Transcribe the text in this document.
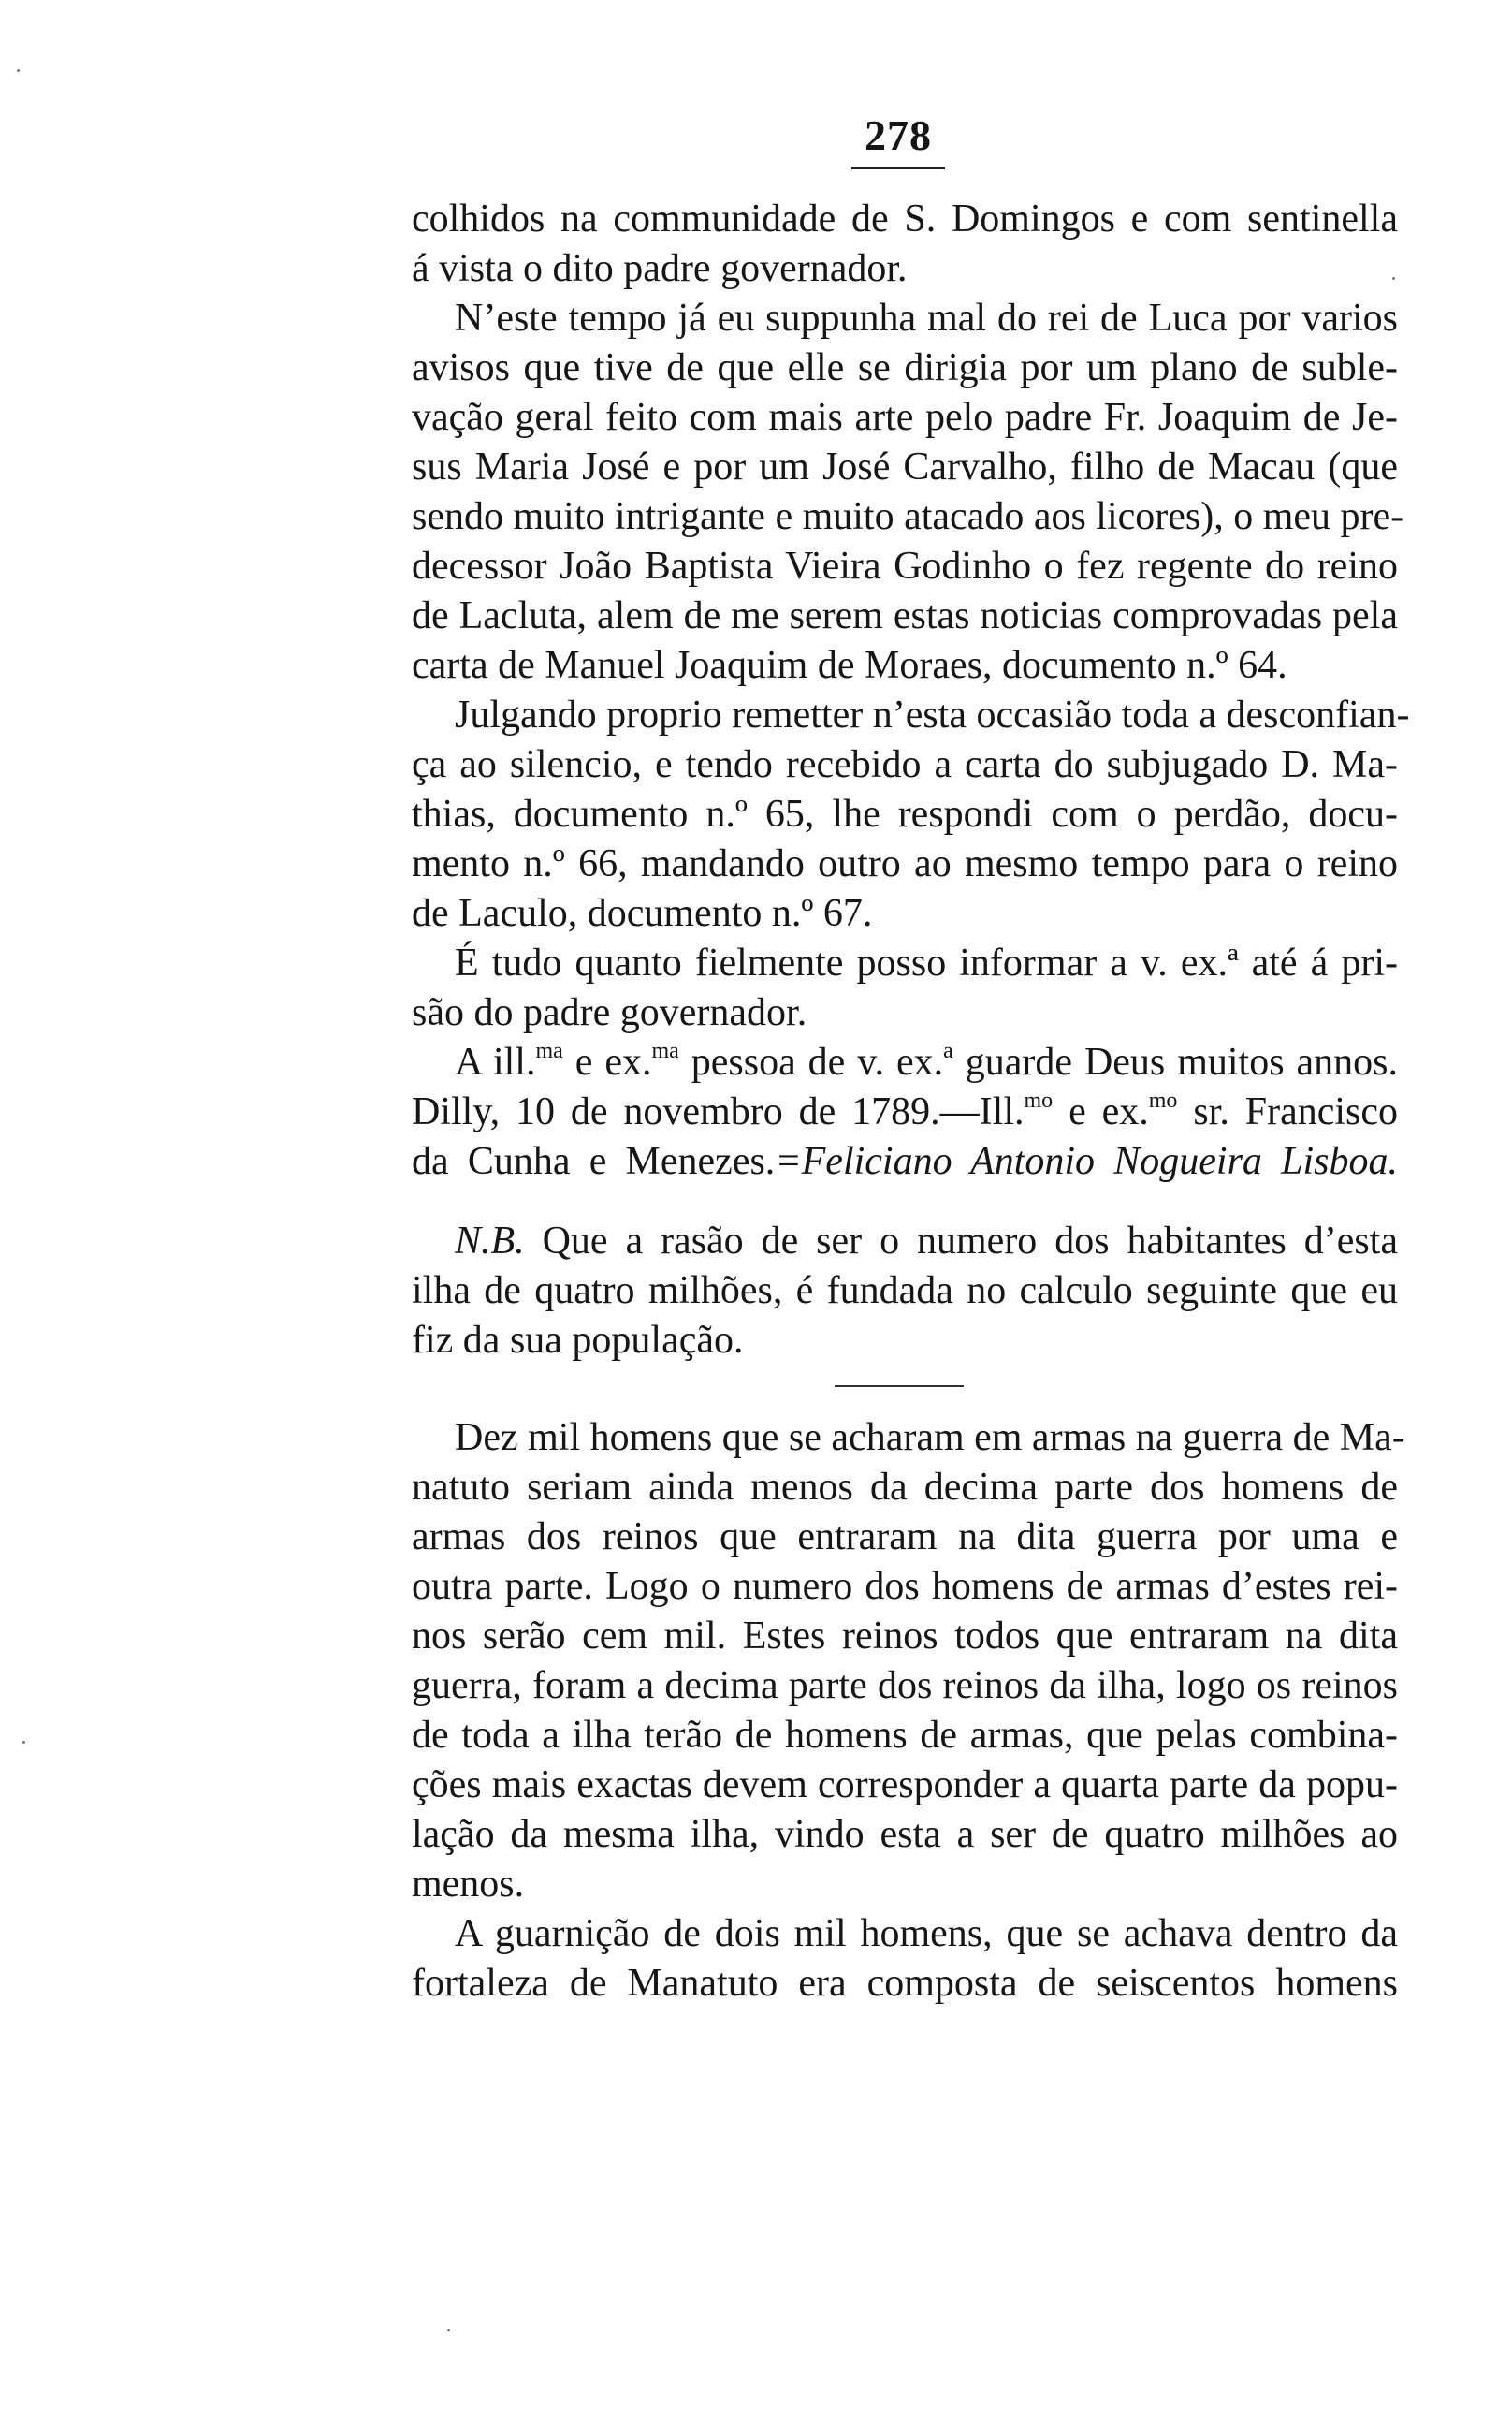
278
colhidos na communidade de S. Domingos e com sentinella
á vista o dito padre governador.
N’este tempo já eu suppunha mal do rei de Luca por varios
avisos que tive de que elle se dirigia por um plano de suble-
vação geral feito com mais arte pelo padre Fr. Joaquim de Je-
sus Maria José e por um José Carvalho, filho de Macau (que
sendo muito intrigante e muito atacado aos licores), o meu pre-
decessor João Baptista Vieira Godinho o fez regente do reino
de Lacluta, alem de me serem estas noticias comprovadas pela
carta de Manuel Joaquim de Moraes, documento n.º 64.
Julgando proprio remetter n’esta occasião toda a desconfian-
ça ao silencio, e tendo recebido a carta do subjugado D. Ma-
thias, documento n.º 65, lhe respondi com o perdão, docu-
mento n.º 66, mandando outro ao mesmo tempo para o reino
de Laculo, documento n.º 67.
É tudo quanto fielmente posso informar a v. ex.ª até á pri-
são do padre governador.
A ill.$^{ma}$ e ex.$^{ma}$ pessoa de v. ex.$^a$ guarde Deus muitos annos.
Dilly, 10 de novembro de 1789.—Ill.$^{mo}$ e ex.$^{mo}$ sr. Francisco
da Cunha e Menezes.=Feliciano Antonio Nogueira Lisboa.
N.B. Que a rasão de ser o numero dos habitantes d’esta
ilha de quatro milhões, é fundada no calculo seguinte que eu
fiz da sua população.
Dez mil homens que se acharam em armas na guerra de Ma-
natuto seriam ainda menos da decima parte dos homens de
armas dos reinos que entraram na dita guerra por uma e
outra parte. Logo o numero dos homens de armas d’estes rei-
nos serão cem mil. Estes reinos todos que entraram na dita
guerra, foram a decima parte dos reinos da ilha, logo os reinos
de toda a ilha terão de homens de armas, que pelas combina-
ções mais exactas devem corresponder a quarta parte da popu-
lação da mesma ilha, vindo esta a ser de quatro milhões ao
menos.
A guarnição de dois mil homens, que se achava dentro da
fortaleza de Manatuto era composta de seiscentos homens
